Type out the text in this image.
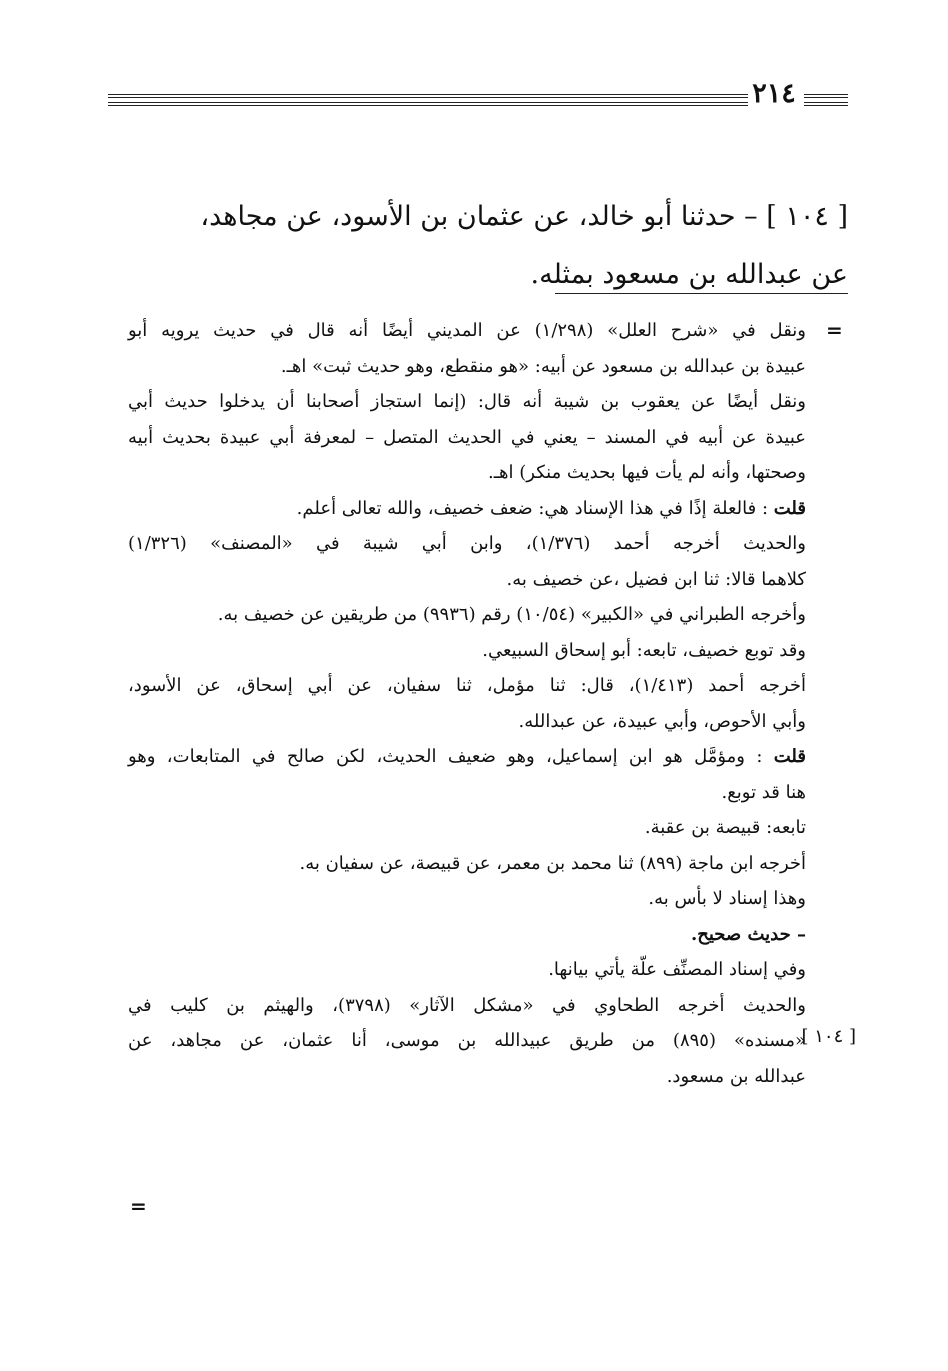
٢١٤
[ ١٠٤ ] – حدثنا أبو خالد، عن عثمان بن الأسود، عن مجاهد،
عن عبدالله بن مسعود بمثله.
=
ونقل في «شرح العلل» (١/٢٩٨) عن المديني أيضًا أنه قال في حديث يرويه أبو
عبيدة بن عبدالله بن مسعود عن أبيه: «هو منقطع، وهو حديث ثبت» اهـ.
ونقل أيضًا عن يعقوب بن شيبة أنه قال: (إنما استجاز أصحابنا أن يدخلوا حديث أبي
عبيدة عن أبيه في المسند – يعني في الحديث المتصل – لمعرفة أبي عبيدة بحديث أبيه
وصحتها، وأنه لم يأت فيها بحديث منكر) اهـ.
قلت : فالعلة إذًا في هذا الإسناد هي: ضعف خصيف، والله تعالى أعلم.
والحديث أخرجه أحمد (١/٣٧٦)، وابن أبي شيبة في «المصنف» (١/٣٢٦)
كلاهما قالا: ثنا ابن فضيل ،عن خصيف به.
وأخرجه الطبراني في «الكبير» (١٠/٥٤) رقم (٩٩٣٦) من طريقين عن خصيف به.
وقد توبع خصيف، تابعه: أبو إسحاق السبيعي.
أخرجه أحمد (١/٤١٣)، قال: ثنا مؤمل، ثنا سفيان، عن أبي إسحاق، عن الأسود،
وأبي الأحوص، وأبي عبيدة، عن عبدالله.
قلت : ومؤمَّل هو ابن إسماعيل، وهو ضعيف الحديث، لكن صالح في المتابعات، وهو
هنا قد توبع.
تابعه: قبيصة بن عقبة.
أخرجه ابن ماجة (٨٩٩) ثنا محمد بن معمر، عن قبيصة، عن سفيان به.
وهذا إسناد لا بأس به.
– حديث صحيح.
وفي إسناد المصنِّف علّة يأتي بيانها.
والحديث أخرجه الطحاوي في «مشكل الآثار» (٣٧٩٨)، والهيثم بن كليب في
«مسنده» (٨٩٥) من طريق عبيدالله بن موسى، أنا عثمان، عن مجاهد، عن
عبدالله بن مسعود.
[ ١٠٤ ]
=
